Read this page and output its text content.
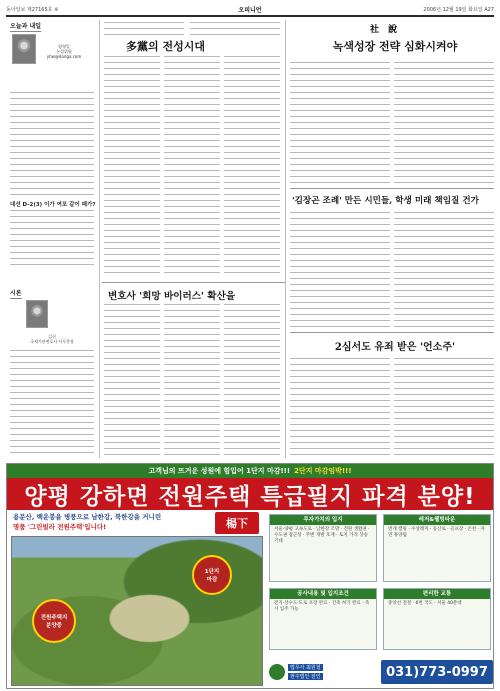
동아일보 제27165호 ※	오피니언	2006년 12월 19일 화요일 A27
오늘과 내일
양형일
논설위원
yhw@donga.com
대선 D-2(3) 이가 여포 같이 패가?
시론
김헌
국제기관변호사 사무총장
多黨의 전성시대
변호사 '희망 바이러스' 확산을
社 說
녹색성장 전략 심화시켜야
'김장곤 조례' 만든 시민들, 학생 미래 책임질 건가
2심서도 유죄 받은 '언소주'
고객님의 뜨거운 성원에 힘입어 1단지 마감!!! 2단지 마감임박!!!
양평 강하면 전원주택 특급필지 파격 분양!
용문산, 백운봉을 병풍으로 남한강, 북한강을 거니린
명품 '그린빌라 전원주택'입니다!	楊下
전원주택지
분양중
1단지
마감
투자가치의 입지
서울-양평 고속도로 · 남한강 조망 · 전원 생활권 · 수도권 접근성 · 주변 개발 호재 · 토지 가격 상승 기대
레저&웰빙타운
번개 캠핑 · 수상레저 · 등산로 · 골프장 · 온천 · 자연 휴양림
공사내용 및 입지조건
전기·상수도·도로 포장 완료 · 건축 허가 완료 · 즉시 입주 가능
편리한 교통
중앙선 전철 · 6번 국도 · 서울 40분대
법무사 최원철
현주법인 전인	031)773-0997
